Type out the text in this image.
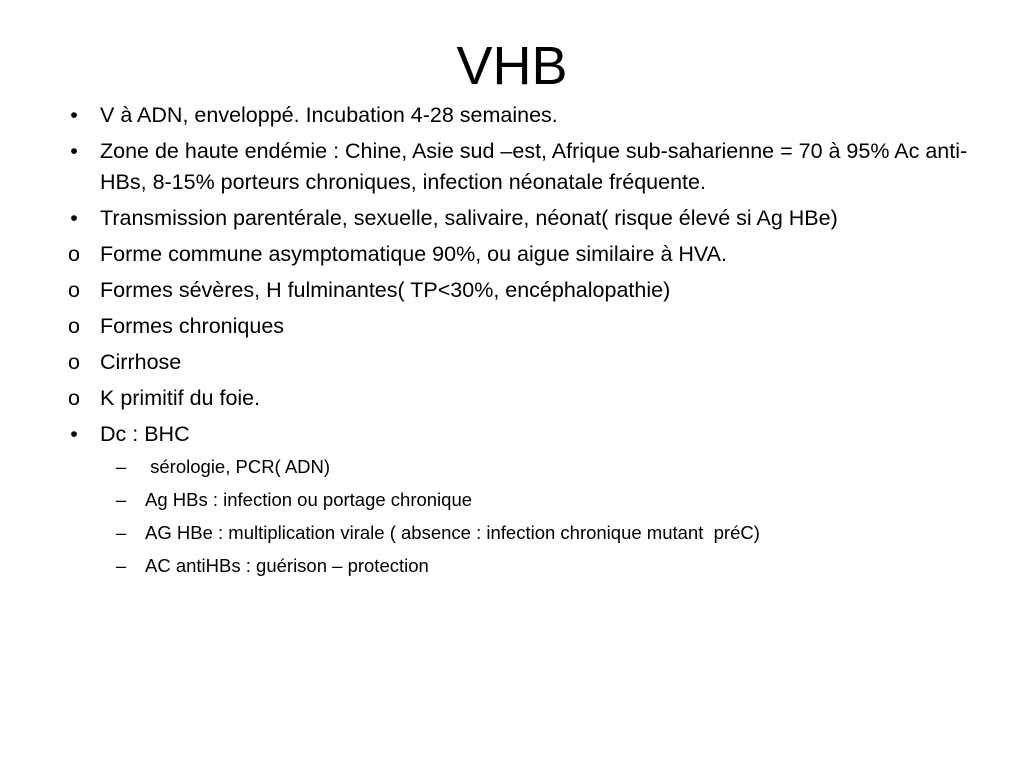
VHB
•	V à ADN, enveloppé. Incubation 4-28 semaines.
•	Zone de haute endémie : Chine, Asie sud –est, Afrique sub-saharienne = 70 à 95% Ac anti-HBs, 8-15% porteurs chroniques, infection néonatale fréquente.
•	Transmission parentérale, sexuelle, salivaire, néonat( risque élevé si Ag HBe)
o Forme commune asymptomatique 90%, ou aigue similaire à HVA.
o Formes sévères, H fulminantes( TP<30%, encéphalopathie)
o Formes chroniques
o Cirrhose
o K primitif du foie.
•	Dc : BHC
– sérologie, PCR( ADN)
– Ag HBs : infection ou portage chronique
– AG HBe : multiplication virale ( absence : infection chronique mutant  préC)
– AC antiHBs : guérison – protection
